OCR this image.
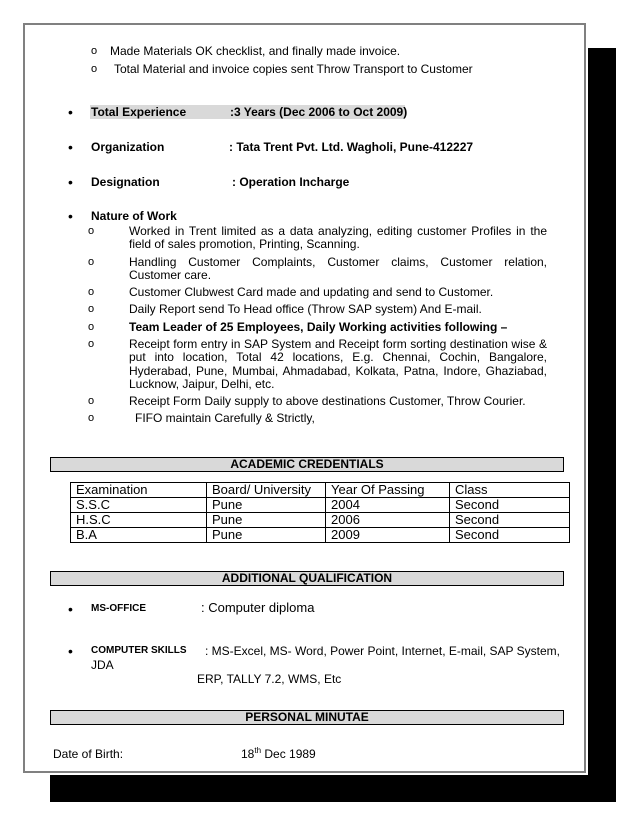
o Made Materials OK checklist, and finally made invoice.
o Total Material and invoice copies sent Throw Transport to Customer
• Total Experience	:3 Years (Dec 2006 to Oct 2009)
• Organization	: Tata Trent Pvt. Ltd. Wagholi, Pune-412227
• Designation	: Operation Incharge
• Nature of Work
o	Worked in Trent limited as a data analyzing, editing customer Profiles in the field of sales promotion, Printing, Scanning.
o	Handling Customer Complaints, Customer claims, Customer relation, Customer care.
o	Customer Clubwest Card made and updating and send to Customer.
o	Daily Report send To Head office (Throw SAP system) And E-mail.
o	Team Leader of 25 Employees, Daily Working activities following –
o	Receipt form entry in SAP System and Receipt form sorting destination wise & put into location, Total 42 locations, E.g. Chennai, Cochin, Bangalore, Hyderabad, Pune, Mumbai, Ahmadabad, Kolkata, Patna, Indore, Ghaziabad, Lucknow, Jaipur, Delhi, etc.
o	Receipt Form Daily supply to above destinations Customer, Throw Courier.
o	FIFO maintain Carefully & Strictly,
ACADEMIC CREDENTIALS
Examination	Board/ University	Year Of Passing	Class
S.S.C	Pune	2004	Second
H.S.C	Pune	2006	Second
B.A	Pune	2009	Second
ADDITIONAL QUALIFICATION
• MS-OFFICE	: Computer diploma
• COMPUTER SKILLS : MS-Excel, MS- Word, Power Point, Internet, E-mail, SAP System,
JDA
ERP, TALLY 7.2, WMS, Etc
PERSONAL MINUTAE
Date of Birth:	18th Dec 1989
